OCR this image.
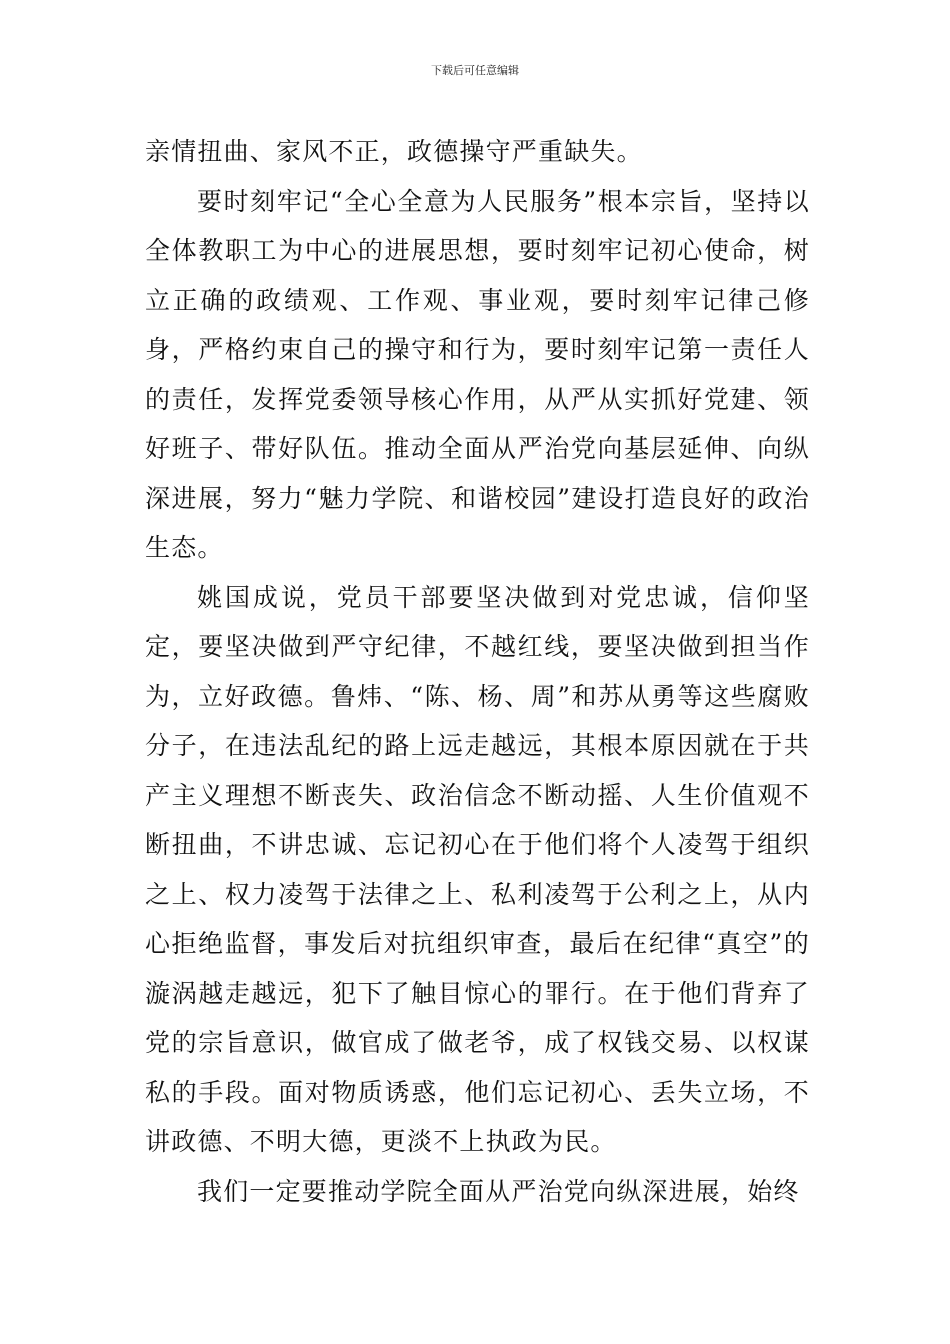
下载后可任意编辑

亲情扭曲、家风不正，政德操守严重缺失。

要时刻牢记“全心全意为人民服务”根本宗旨，坚持以全体教职工为中心的进展思想，要时刻牢记初心使命，树立正确的政绩观、工作观、事业观，要时刻牢记律己修身，严格约束自己的操守和行为，要时刻牢记第一责任人的责任，发挥党委领导核心作用，从严从实抓好党建、领好班子、带好队伍。推动全面从严治党向基层延伸、向纵深进展，努力“魅力学院、和谐校园”建设打造良好的政治生态。

姚国成说，党员干部要坚决做到对党忠诚，信仰坚定，要坚决做到严守纪律，不越红线，要坚决做到担当作为，立好政德。鲁炜、“陈、杨、周”和苏从勇等这些腐败分子，在违法乱纪的路上远走越远，其根本原因就在于共产主义理想不断丧失、政治信念不断动摇、人生价值观不断扭曲，不讲忠诚、忘记初心在于他们将个人凌驾于组织之上、权力凌驾于法律之上、私利凌驾于公利之上，从内心拒绝监督，事发后对抗组织审查，最后在纪律“真空”的漩涡越走越远，犯下了触目惊心的罪行。在于他们背弃了党的宗旨意识，做官成了做老爷，成了权钱交易、以权谋私的手段。面对物质诱惑，他们忘记初心、丢失立场，不讲政德、不明大德，更淡不上执政为民。

我们一定要推动学院全面从严治党向纵深进展，始终
